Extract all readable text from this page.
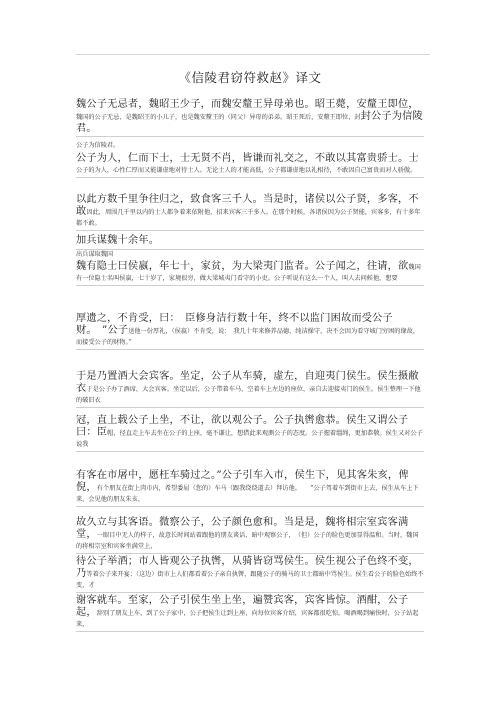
《信陵君窃符救赵》译文
魏公子无忌者，魏昭王少子，而魏安釐王异母弟也。昭王薨，安釐王即位，魏国的公子无忌，是魏昭王的小儿子，也是魏安釐王的（同父）异母的弟弟。昭王死后，安釐王即位，封封公子为信陵君。
公子为信陵君。
公子为人，仁而下士，士无贤不肖，皆谦而礼交之，不敢以其富贵骄士。士公子的为人，心性仁厚而又能谦虚地对待士人。无论士人的才能高低，公子都谦虚地以礼相待，不敢因自己富贵而对人骄傲。
以此方数千里争往归之，致食客三千人。当是时，诸侯以公子贤，多客，不敢因此，周围几千里以内的士人都争着来依附他，招来宾客三千多人。在那个时候，各诸侯因为公子贤能，宾客多，有十多年都不敢。
加兵谋魏十余年。
出兵谋取魏国
魏有隐士曰侯嬴，年七十，家贫，为大梁夷门监者。公子闻之，往请，欲魏国有一位隐士名叫侯嬴，七十岁了，家境很穷，做大梁城夷门看守的小吏。公子听说有这么一个人，叫人去问候他，想要
厚遗之，不肯受，曰：　臣修身洁行数十年，终不以监门困故而受公子财。　”公子送他一份厚礼，（侯嬴）不肯受，说：　我几十年来修养品德，纯洁操守，决不会因为看守城门穷困的缘故，而接受公子的财物。”
于是乃置酒大会宾客。坐定，公子从车骑，虚左，自迎夷门侯生。侯生摄敝衣于是公子办了酒席，大会宾客。坐定以后，公子带着车马，空着车上左边的座位，亲自去迎接夷门的侯生。侯生整理一下他的破旧衣
冠，直上载公子上坐，不让，欲以观公子。公子执辔愈恭。侯生又谓公子曰：臣帽，径直走上车去坐在公子的上座，毫不谦让，想借此来观测公子的态度。公子握着缰绳，更加恭敬。侯生又对公子说我
有客在市屠中，愿枉车骑过之。”公子引车入市，侯生下，见其客朱亥，俾倪，有个朋友在街上肉市内，希望委屈（您的）车马（跟我绕绕道去）拜访他。　　”公子驾着车到街市上去，侯生从车上下来，会见他的朋友朱亥，
故久立与其客语。微察公子，公子颜色愈和。当是是，魏将相宗室宾客满堂，一眼目中无人的样子，故意长时间站着跟他的朋友谈话，暗中观察公子，　（但）公子的脸色更加显得温和。当时，魏国的将相宗室和宾客坐满堂上，
待公子举酒；市人皆观公子执辔，从骑皆窃骂侯生。侯生视公子色终不变，乃等着公子来开宴；（这边）街市上人们都看着公子亲自执辔，跟随公子的骑马的卫士都暗中骂侯生。侯生看公子的脸色始终不变，才
谢客就车。至家，公子引侯生坐上坐，遍赞宾客，宾客皆惊。酒酣，公子起，辞别了朋友上车，到了公子家中，公子把侯生让到上座，向每位宾客介绍，宾客都很吃惊。喝酒喝到痛快时，公子站起来，
